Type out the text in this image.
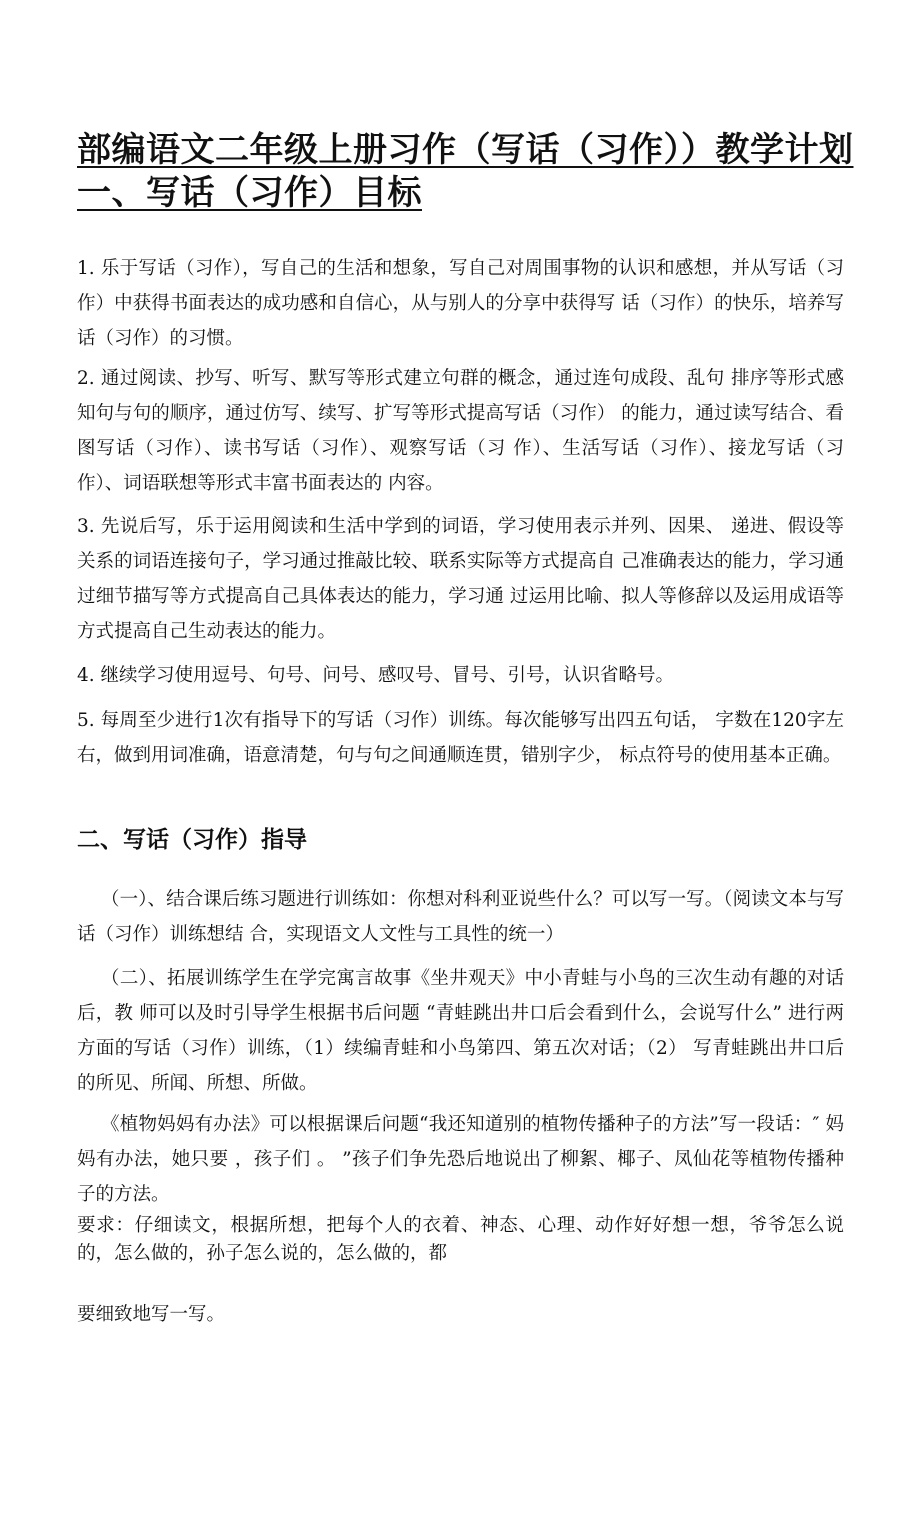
部编语文二年级上册习作（写话（习作））教学计划
一、写话（习作）目标

1. 乐于写话（习作），写自己的生活和想象，写自己对周围事物的认识和感想，并从写话（习作）中获得书面表达的成功感和自信心，从与别人的分享中获得写 话（习作）的快乐，培养写话（习作）的习惯。

2. 通过阅读、抄写、听写、默写等形式建立句群的概念，通过连句成段、乱句 排序等形式感知句与句的顺序，通过仿写、续写、扩写等形式提高写话（习作） 的能力，通过读写结合、看图写话（习作）、读书写话（习作）、观察写话（习 作）、生活写话（习作）、接龙写话（习作）、词语联想等形式丰富书面表达的 内容。

3. 先说后写，乐于运用阅读和生活中学到的词语，学习使用表示并列、因果、 递进、假设等关系的词语连接句子，学习通过推敲比较、联系实际等方式提高自 己准确表达的能力，学习通过细节描写等方式提高自己具体表达的能力，学习通 过运用比喻、拟人等修辞以及运用成语等方式提高自己生动表达的能力。

4. 继续学习使用逗号、句号、问号、感叹号、冒号、引号，认识省略号。

5. 每周至少进行1次有指导下的写话（习作）训练。每次能够写出四五句话， 字数在120字左右，做到用词准确，语意清楚，句与句之间通顺连贯，错别字少， 标点符号的使用基本正确。

二、写话（习作）指导

（一）、结合课后练习题进行训练如：你想对科利亚说些什么？可以写一写。（阅读文本与写话（习作）训练想结 合，实现语文人文性与工具性的统一）

（二）、拓展训练学生在学完寓言故事《坐井观天》中小青蛙与小鸟的三次生动有趣的对话后，教 师可以及时引导学生根据书后问题 “青蛙跳出井口后会看到什么，会说写什么” 进行两方面的写话（习作）训练，（1）续编青蛙和小鸟第四、第五次对话；（2） 写青蛙跳出井口后的所见、所闻、所想、所做。

《植物妈妈有办法》可以根据课后问题“我还知道别的植物传播种子的方法”写一段话：″ 妈妈有办法，她只要 ，孩子们 。 ”孩子们争先恐后地说出了柳絮、椰子、凤仙花等植物传播种子的方法。

要求：仔细读文，根据所想，把每个人的衣着、神态、心理、动作好好想一想，爷爷怎么说的，怎么做的，孙子怎么说的，怎么做的，都

要细致地写一写。
